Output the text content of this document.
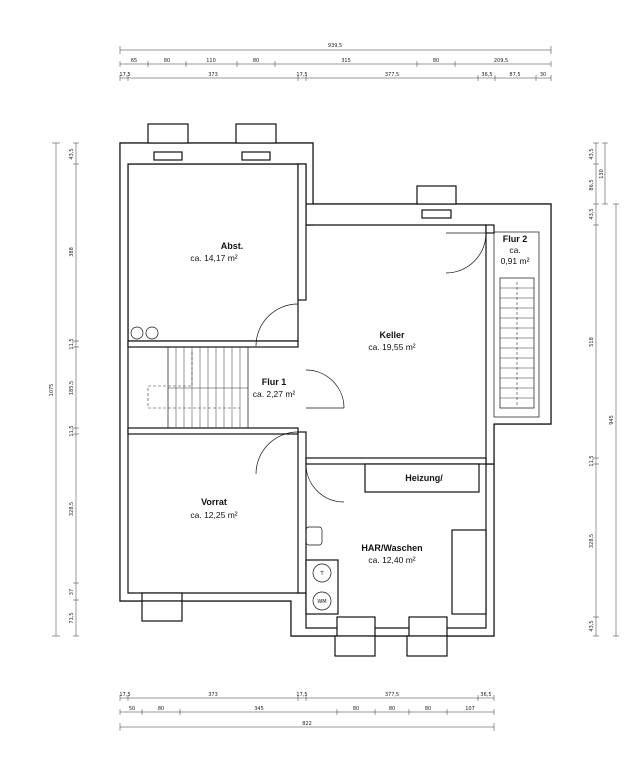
939,5
65	80	110	80	315	80	209,5
17,5	373	17,5	377,5	36,5	87,5	30
1075
43,5
388
11,5
185,5
11,5
328,5
37
71,5
43,5
86,5
43,5
518
11,5
328,5
43,5
130
945
T
WM
Abst.
ca. 14,17 m²
Flur 1
ca. 2,27 m²
Keller
ca. 19,55 m²
Flur 2
ca.
0,91 m²
Vorrat
ca. 12,25 m²
Heizung/
HAR/Waschen
ca. 12,40 m²
17,5	373	17,5	377,5	36,5
50	80	345	80	80	80	107
822
